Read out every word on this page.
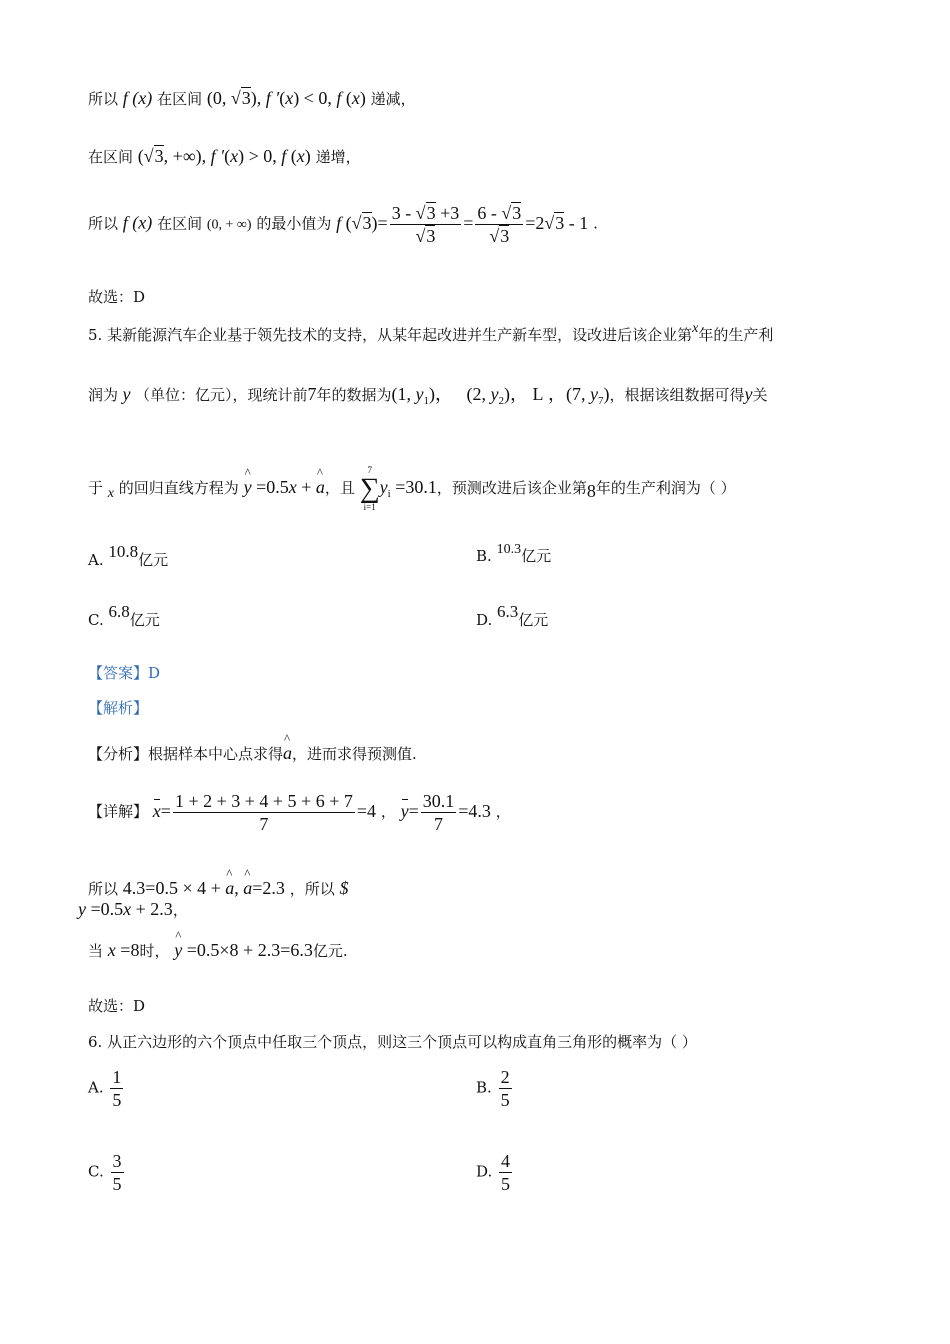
所以 f (x) 在区间 (0, √3), f ′(x) < 0, f (x) 递减，
在区间 (√3, +∞), f ′(x) > 0, f (x) 递增，
所以 f (x) 在区间 (0, + ∞) 的最小值为 f $(√3)= \frac{3 - √3 +3}{√3} = \frac{6 - √3}{√3} =2√3 - 1$ .
故选：D
5. 某新能源汽车企业基于领先技术的支持，从某年起改进并生产新车型，设改进后该企业第x年的生产利
润为 y （单位：亿元），现统计前7年的数据为(1, $y_1$)，   (2, $y_2$)， L ，(7, $y_7$)，根据该组数据可得y关
于 x 的回归直线方程为 ^ y =0.5x + ^ a，且
7
∑
i=1
$y_i =30.1$，预测改进后该企业第8年的生产利润为（ ）
A. 10.8亿元	B. 10.3亿元
C. 6.8亿元	D. 6.3亿元
【答案】D
【解析】
【分析】根据样本中心点求得^ a，进而求得预测值.
【详解】 $x= \frac{1 + 2 + 3 + 4 + 5 + 6 + 7}{7} =4$ ， $y= \frac{30.1}{7} =4.3$ ，
所以 4.3=0.5 × 4 + ^ a, ^ a=2.3 ，所以 $
y =0.5x + 2.3，
当 x =8时， ^ y =0.5×8 + 2.3=6.3亿元.
故选：D
6. 从正六边形的六个顶点中任取三个顶点，则这三个顶点可以构成直角三角形的概率为（ ）
A. $\frac{1}{5}$	B. $\frac{2}{5}$
C. $\frac{3}{5}$	D. $\frac{4}{5}$
